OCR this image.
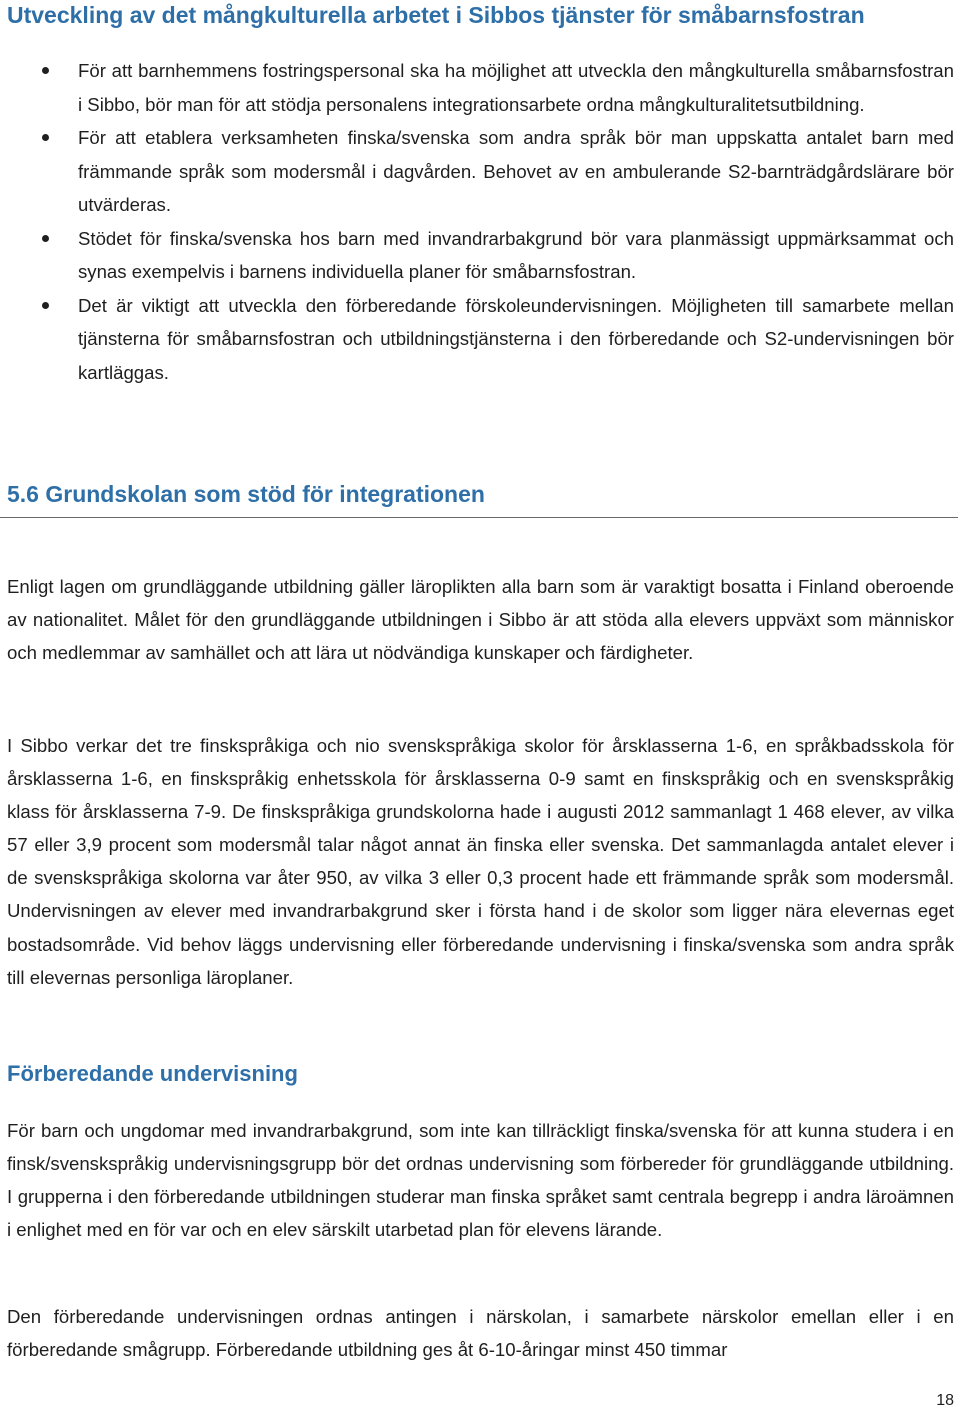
Utveckling av det mångkulturella arbetet i Sibbos tjänster för småbarnsfostran
För att barnhemmens fostringspersonal ska ha möjlighet att utveckla den mångkulturella småbarnsfostran i Sibbo, bör man för att stödja personalens integrationsarbete ordna mångkulturalitetsutbildning.
För att etablera verksamheten finska/svenska som andra språk bör man uppskatta antalet barn med främmande språk som modersmål i dagvården. Behovet av en ambulerande S2-barnträdgårdslärare bör utvärderas.
Stödet för finska/svenska hos barn med invandrarbakgrund bör vara planmässigt uppmärksammat och synas exempelvis i barnens individuella planer för småbarnsfostran.
Det är viktigt att utveckla den förberedande förskoleundervisningen. Möjligheten till samarbete mellan tjänsterna för småbarnsfostran och utbildningstjänsterna i den förberedande och S2-undervisningen bör kartläggas.
5.6 Grundskolan som stöd för integrationen

Enligt lagen om grundläggande utbildning gäller läroplikten alla barn som är varaktigt bosatta i Finland oberoende av nationalitet. Målet för den grundläggande utbildningen i Sibbo är att stöda alla elevers uppväxt som människor och medlemmar av samhället och att lära ut nödvändiga kunskaper och färdigheter.

I Sibbo verkar det tre finskspråkiga och nio svenskspråkiga skolor för årsklasserna 1-6, en språkbadsskola för årsklasserna 1-6, en finskspråkig enhetsskola för årsklasserna 0-9 samt en finskspråkig och en svenskspråkig klass för årsklasserna 7-9. De finskspråkiga grundskolorna hade i augusti 2012 sammanlagt 1 468 elever, av vilka 57 eller 3,9 procent som modersmål talar något annat än finska eller svenska. Det sammanlagda antalet elever i de svenskspråkiga skolorna var åter 950, av vilka 3 eller 0,3 procent hade ett främmande språk som modersmål. Undervisningen av elever med invandrarbakgrund sker i första hand i de skolor som ligger nära elevernas eget bostadsområde. Vid behov läggs undervisning eller förberedande undervisning i finska/svenska som andra språk till elevernas personliga läroplaner.

Förberedande undervisning

För barn och ungdomar med invandrarbakgrund, som inte kan tillräckligt finska/svenska för att kunna studera i en finsk/svenskspråkig undervisningsgrupp bör det ordnas undervisning som förbereder för grundläggande utbildning. I grupperna i den förberedande utbildningen studerar man finska språket samt centrala begrepp i andra läroämnen i enlighet med en för var och en elev särskilt utarbetad plan för elevens lärande.

Den förberedande undervisningen ordnas antingen i närskolan, i samarbete närskolor emellan eller i en förberedande smågrupp. Förberedande utbildning ges åt 6-10-åringar minst 450 timmar

18
